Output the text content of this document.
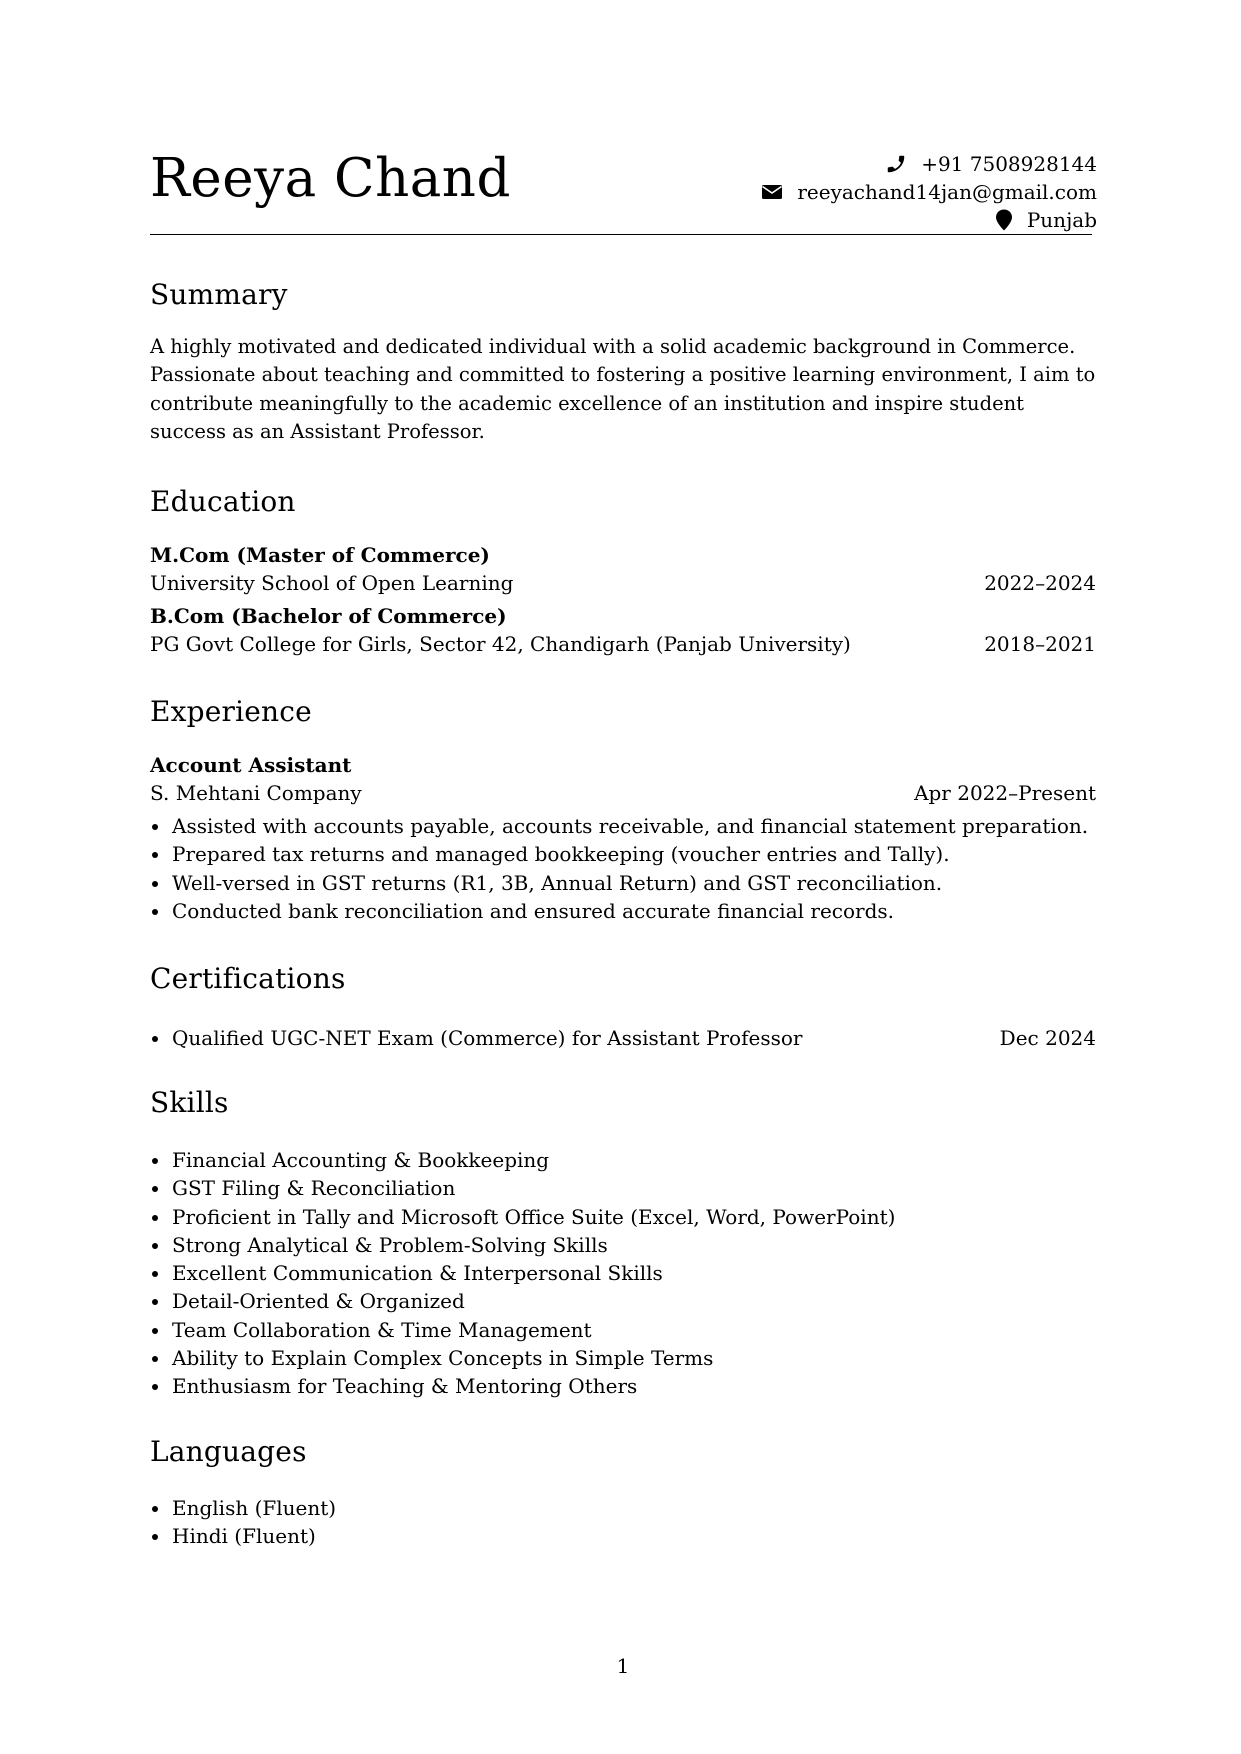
Reeya Chand	+91 7508928144
reeyachand14jan@gmail.com
Punjab
Summary

A highly motivated and dedicated individual with a solid academic background in Commerce. Passionate about teaching and committed to fostering a positive learning environment, I aim to contribute meaningfully to the academic excellence of an institution and inspire student success as an Assistant Professor.

Education
M.Com (Master of Commerce)
University School of Open Learning	2022–2024
B.Com (Bachelor of Commerce)
PG Govt College for Girls, Sector 42, Chandigarh (Panjab University)	2018–2021
Experience
Account Assistant
S. Mehtani Company	Apr 2022–Present
Assisted with accounts payable, accounts receivable, and financial statement preparation.
Prepared tax returns and managed bookkeeping (voucher entries and Tally).
Well-versed in GST returns (R1, 3B, Annual Return) and GST reconciliation.
Conducted bank reconciliation and ensured accurate financial records.
Certifications
Qualified UGC-NET Exam (Commerce) for Assistant Professor	Dec 2024
Skills
Financial Accounting & Bookkeeping
GST Filing & Reconciliation
Proficient in Tally and Microsoft Office Suite (Excel, Word, PowerPoint)
Strong Analytical & Problem-Solving Skills
Excellent Communication & Interpersonal Skills
Detail-Oriented & Organized
Team Collaboration & Time Management
Ability to Explain Complex Concepts in Simple Terms
Enthusiasm for Teaching & Mentoring Others
Languages
English (Fluent)
Hindi (Fluent)
1
